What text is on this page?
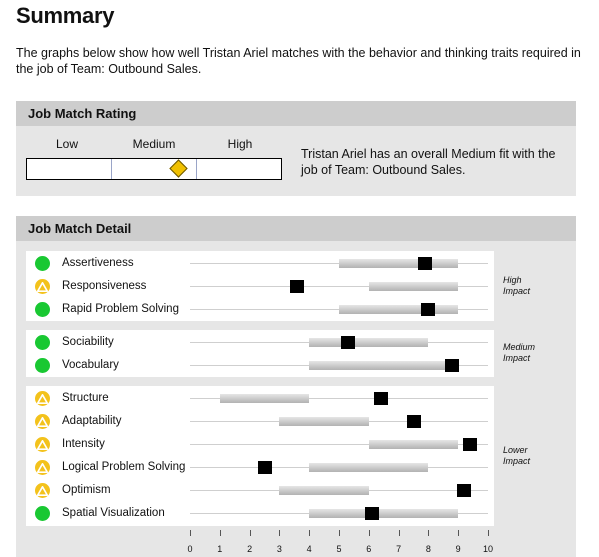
Summary
The graphs below show how well Tristan Ariel matches with the behavior and thinking traits required in the job of Team: Outbound Sales.
Job Match Rating
Low	Medium	High
Tristan Ariel has an overall Medium fit with the job of Team: Outbound Sales.
Job Match Detail
Assertiveness
Responsiveness
Rapid Problem Solving
High
Impact
Sociability
Vocabulary
Medium
Impact
Structure
Adaptability
Intensity
Logical Problem Solving
Optimism
Spatial Visualization
Lower
Impact
0	1	2	3	4	5	6	7	8	9	10
